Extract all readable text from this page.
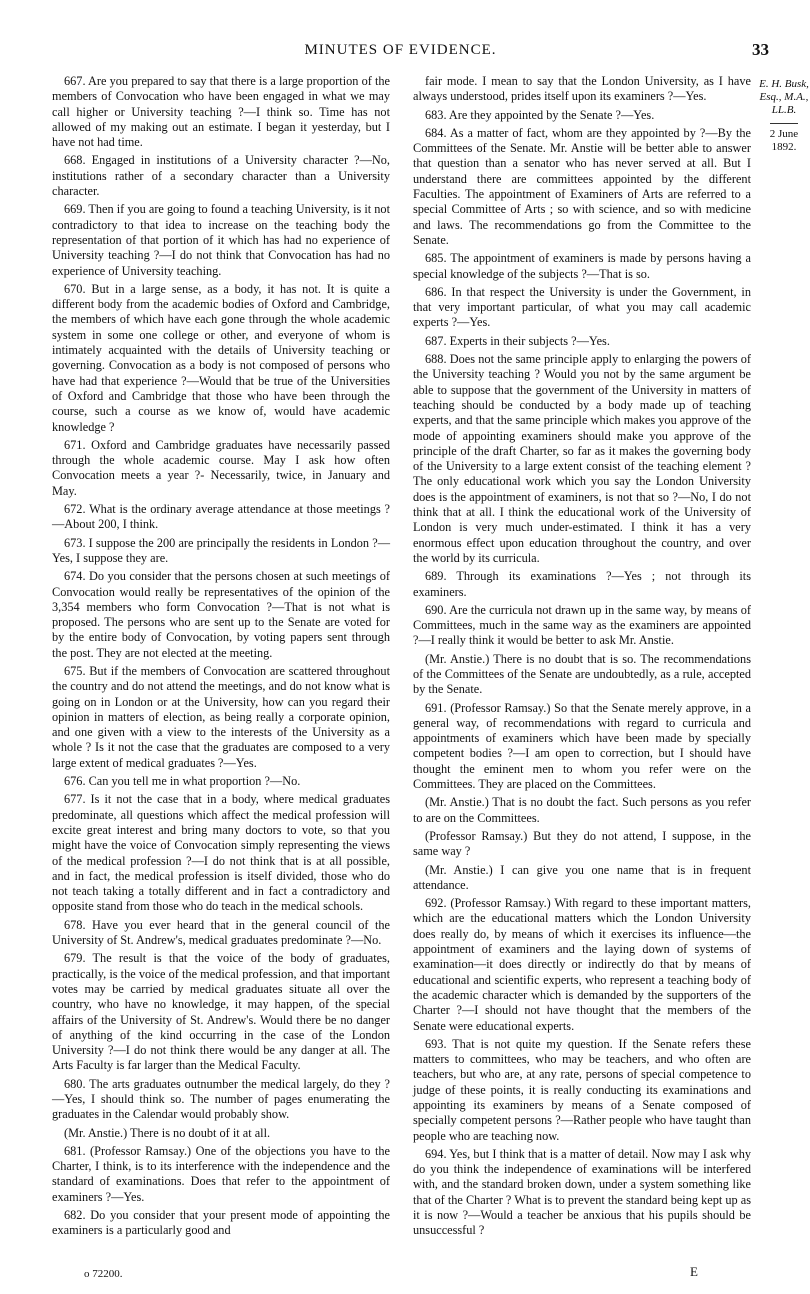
MINUTES OF EVIDENCE.	33

667. Are you prepared to say that there is a large proportion of the members of Convocation who have been engaged in what we may call higher or University teaching ?—I think so. Time has not allowed of my making out an estimate. I began it yesterday, but I have not had time.

668. Engaged in institutions of a University character ?—No, institutions rather of a secondary character than a University character.

669. Then if you are going to found a teaching University, is it not contradictory to that idea to increase on the teaching body the representation of that portion of it which has had no experience of University teaching ?—I do not think that Convocation has had no experience of University teaching.

670. But in a large sense, as a body, it has not. It is quite a different body from the academic bodies of Oxford and Cambridge, the members of which have each gone through the whole academic system in some one college or other, and everyone of whom is intimately acquainted with the details of University teaching or governing. Convocation as a body is not composed of persons who have had that experience ?—Would that be true of the Universities of Oxford and Cambridge that those who have been through the course, such a course as we know of, would have academic knowledge ?

671. Oxford and Cambridge graduates have necessarily passed through the whole academic course. May I ask how often Convocation meets a year ?- Necessarily, twice, in January and May.

672. What is the ordinary average attendance at those meetings ?—About 200, I think.

673. I suppose the 200 are principally the residents in London ?—Yes, I suppose they are.

674. Do you consider that the persons chosen at such meetings of Convocation would really be representatives of the opinion of the 3,354 members who form Convocation ?—That is not what is proposed. The persons who are sent up to the Senate are voted for by the entire body of Convocation, by voting papers sent through the post. They are not elected at the meeting.

675. But if the members of Convocation are scattered throughout the country and do not attend the meetings, and do not know what is going on in London or at the University, how can you regard their opinion in matters of election, as being really a corporate opinion, and one given with a view to the interests of the University as a whole ? Is it not the case that the graduates are composed to a very large extent of medical graduates ?—Yes.

676. Can you tell me in what proportion ?—No.

677. Is it not the case that in a body, where medical graduates predominate, all questions which affect the medical profession will excite great interest and bring many doctors to vote, so that you might have the voice of Convocation simply representing the views of the medical profession ?—I do not think that is at all possible, and in fact, the medical profession is itself divided, those who do not teach taking a totally different and in fact a contradictory and opposite stand from those who do teach in the medical schools.

678. Have you ever heard that in the general council of the University of St. Andrew's, medical graduates predominate ?—No.

679. The result is that the voice of the body of graduates, practically, is the voice of the medical profession, and that important votes may be carried by medical graduates situate all over the country, who have no knowledge, it may happen, of the special affairs of the University of St. Andrew's. Would there be no danger of anything of the kind occurring in the case of the London University ?—I do not think there would be any danger at all. The Arts Faculty is far larger than the Medical Faculty.

680. The arts graduates outnumber the medical largely, do they ?—Yes, I should think so. The number of pages enumerating the graduates in the Calendar would probably show.

(Mr. Anstie.) There is no doubt of it at all.

681. (Professor Ramsay.) One of the objections you have to the Charter, I think, is to its interference with the independence and the standard of examinations. Does that refer to the appointment of examiners ?—Yes.

682. Do you consider that your present mode of appointing the examiners is a particularly good and

fair mode. I mean to say that the London University, as I have always understood, prides itself upon its examiners ?—Yes.

683. Are they appointed by the Senate ?—Yes.

684. As a matter of fact, whom are they appointed by ?—By the Committees of the Senate. Mr. Anstie will be better able to answer that question than a senator who has never served at all. But I understand there are committees appointed by the different Faculties. The appointment of Examiners of Arts are referred to a special Committee of Arts ; so with science, and so with medicine and laws. The recommendations go from the Committee to the Senate.

685. The appointment of examiners is made by persons having a special knowledge of the subjects ?—That is so.

686. In that respect the University is under the Government, in that very important particular, of what you may call academic experts ?—Yes.

687. Experts in their subjects ?—Yes.

688. Does not the same principle apply to enlarging the powers of the University teaching ? Would you not by the same argument be able to suppose that the government of the University in matters of teaching should be conducted by a body made up of teaching experts, and that the same principle which makes you approve of the mode of appointing examiners should make you approve of the principle of the draft Charter, so far as it makes the governing body of the University to a large extent consist of the teaching element ? The only educational work which you say the London University does is the appointment of examiners, is not that so ?—No, I do not think that at all. I think the educational work of the University of London is very much under-estimated. I think it has a very enormous effect upon education throughout the country, and over the world by its curricula.

689. Through its examinations ?—Yes ; not through its examiners.

690. Are the curricula not drawn up in the same way, by means of Committees, much in the same way as the examiners are appointed ?—I really think it would be better to ask Mr. Anstie.

(Mr. Anstie.) There is no doubt that is so. The recommendations of the Committees of the Senate are undoubtedly, as a rule, accepted by the Senate.

691. (Professor Ramsay.) So that the Senate merely approve, in a general way, of recommendations with regard to curricula and appointments of examiners which have been made by specially competent bodies ?—I am open to correction, but I should have thought the eminent men to whom you refer were on the Committees. They are placed on the Committees.

(Mr. Anstie.) That is no doubt the fact. Such persons as you refer to are on the Committees.

(Professor Ramsay.) But they do not attend, I suppose, in the same way ?

(Mr. Anstie.) I can give you one name that is in frequent attendance.

692. (Professor Ramsay.) With regard to these important matters, which are the educational matters which the London University does really do, by means of which it exercises its influence—the appointment of examiners and the laying down of systems of examination—it does directly or indirectly do that by means of educational and scientific experts, who represent a teaching body of the academic character which is demanded by the supporters of the Charter ?—I should not have thought that the members of the Senate were educational experts.

693. That is not quite my question. If the Senate refers these matters to committees, who may be teachers, and who often are teachers, but who are, at any rate, persons of special competence to judge of these points, it is really conducting its examinations and appointing its examiners by means of a Senate composed of specially competent persons ?—Rather people who have taught than people who are teaching now.

694. Yes, but I think that is a matter of detail. Now may I ask why do you think the independence of examinations will be interfered with, and the standard broken down, under a system something like that of the Charter ? What is to prevent the standard being kept up as it is now ?—Would a teacher be anxious that his pupils should be unsuccessful ?

E. H. Busk,
Esq., M.A.,
LL.B.
2 June 1892.
o 72200.	E
